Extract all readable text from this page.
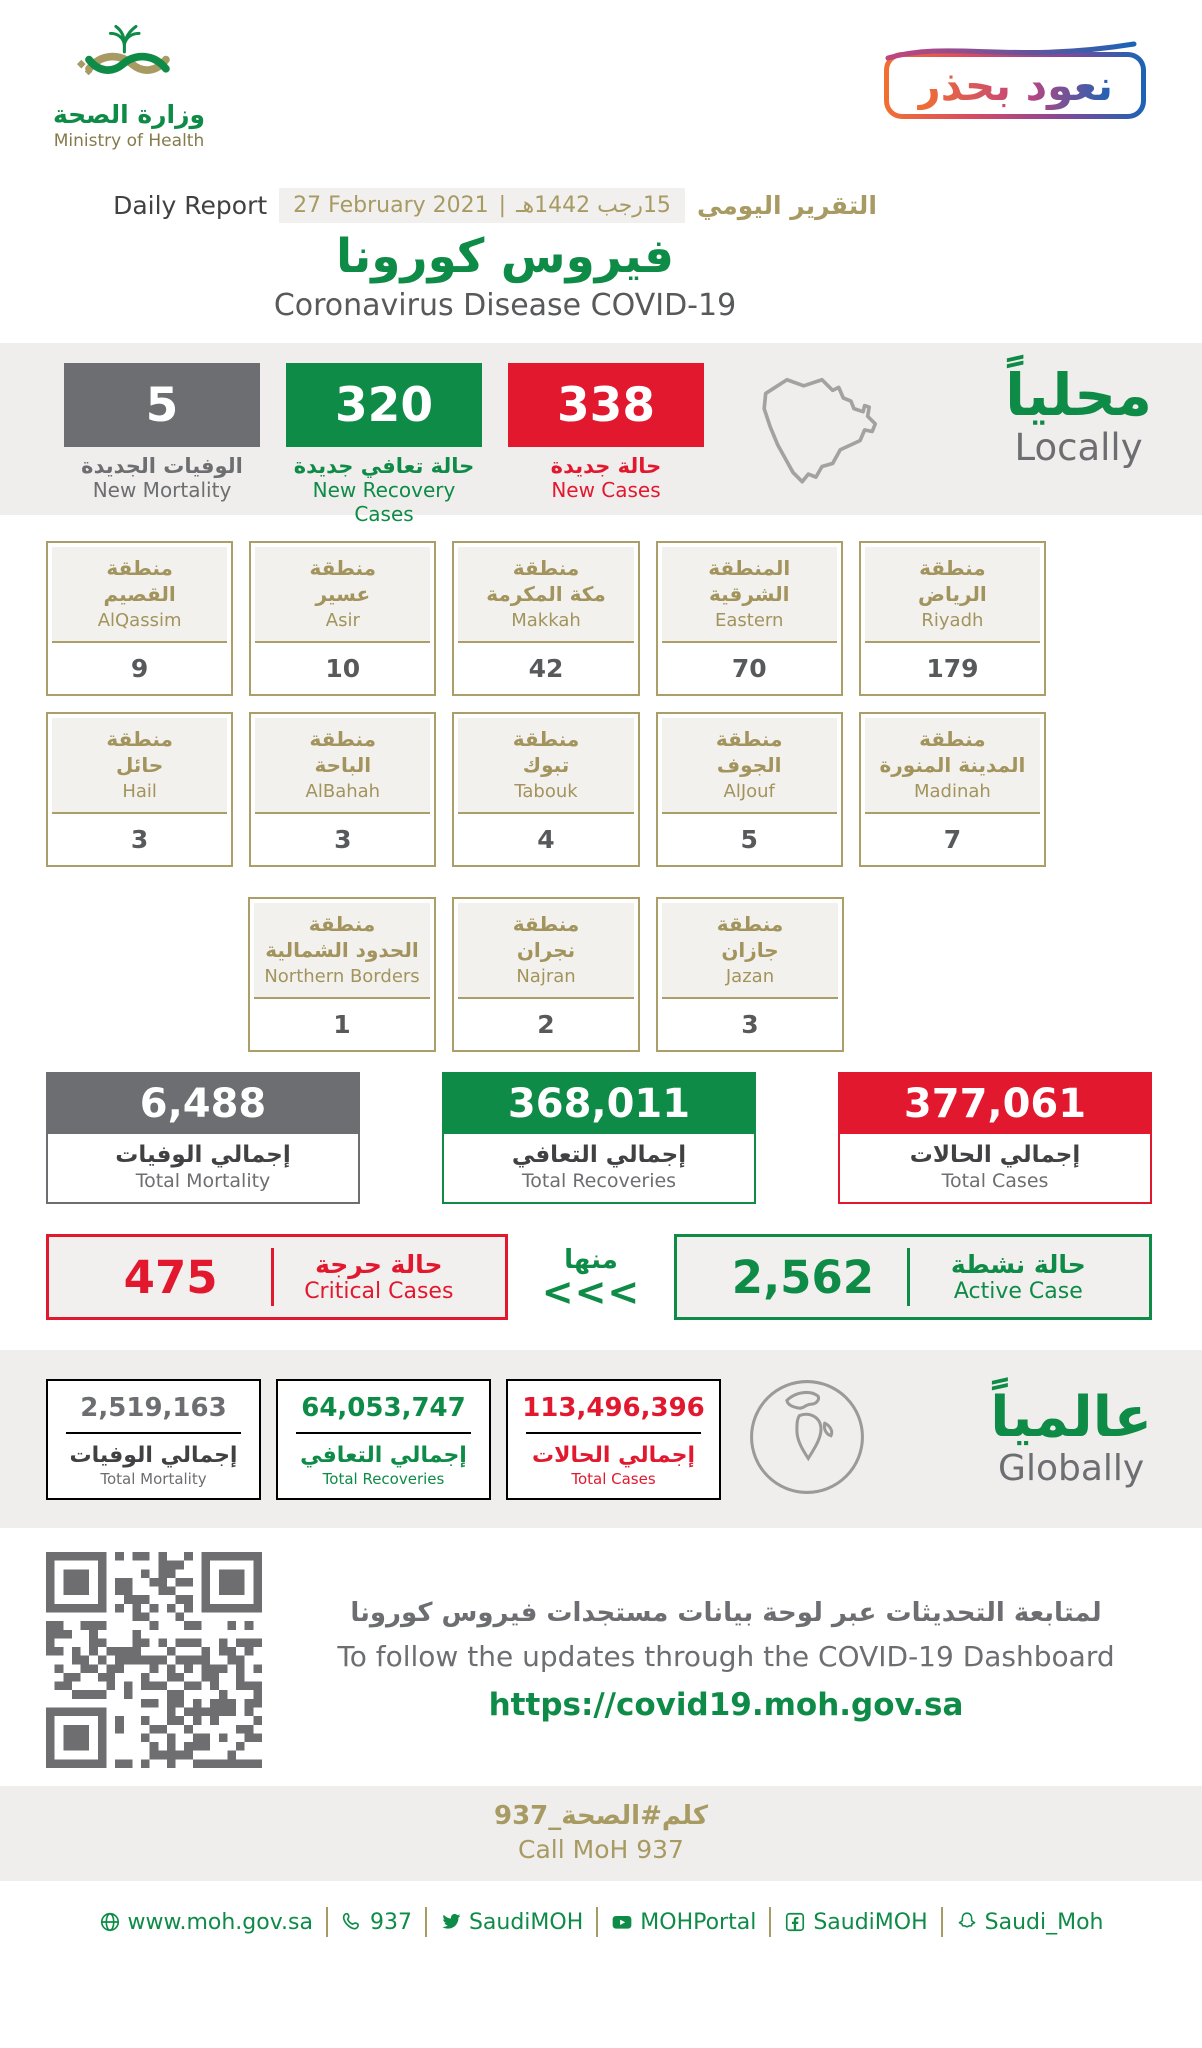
وزارة الصحة
Ministry of Health
نعود بحذر
Daily Report 27 February 2021 | 15رجب 1442هـ التقرير اليومي
فيروس كورونا
Coronavirus Disease COVID-19
5
الوفيات الجديدة
New Mortality
320
حالة تعافي جديدة
New Recovery Cases
338
حالة جديدة
New Cases
محلياً
Locally
منطقة
القصيم
AlQassim
9
منطقة
عسير
Asir
10
منطقة
مكة المكرمة
Makkah
42
المنطقة
الشرقية
Eastern
70
منطقة
الرياض
Riyadh
179
منطقة
حائل
Hail
3
منطقة
الباحة
AlBahah
3
منطقة
تبوك
Tabouk
4
منطقة
الجوف
AlJouf
5
منطقة
المدينة المنورة
Madinah
7
منطقة
الحدود الشمالية
Northern Borders
1
منطقة
نجران
Najran
2
منطقة
جازان
Jazan
3
6,488
إجمالي الوفيات
Total Mortality
368,011
إجمالي التعافي
Total Recoveries
377,061
إجمالي الحالات
Total Cases
475	حالة حرجة
Critical Cases
منها
<<<	2,562	حالة نشطة
Active Case
2,519,163
إجمالي الوفيات
Total Mortality
64,053,747
إجمالي التعافي
Total Recoveries
113,496,396
إجمالي الحالات
Total Cases
عالمياً
Globally
لمتابعة التحديثات عبر لوحة بيانات مستجدات فيروس كورونا
To follow the updates through the COVID-19 Dashboard
https://covid19.moh.gov.sa
كلم#الصحة_937
Call MoH 937
www.moh.gov.sa	937	SaudiMOH	MOHPortal	SaudiMOH	Saudi_Moh
